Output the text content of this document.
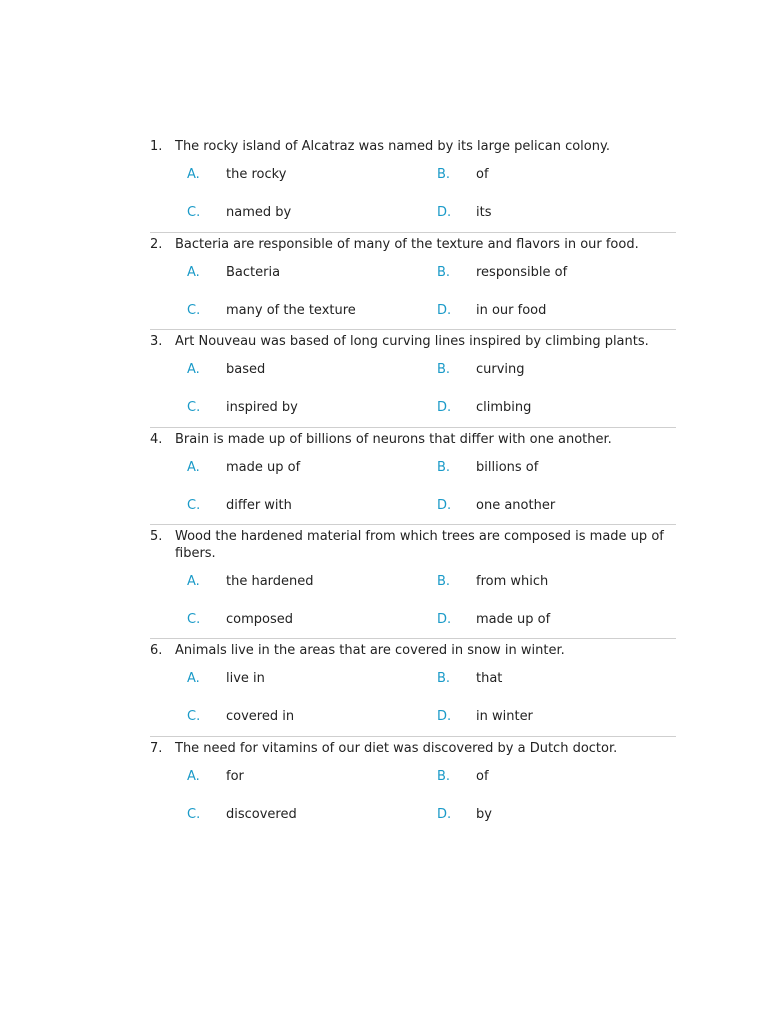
1. The rocky island of Alcatraz was named by its large pelican colony.
A.	the rocky	B.	of
C.	named by	D.	its
2. Bacteria are responsible of many of the texture and flavors in our food.
A.	Bacteria	B.	responsible of
C.	many of the texture	D.	in our food
3. Art Nouveau was based of long curving lines inspired by climbing plants.
A.	based	B.	curving
C.	inspired by	D.	climbing
4. Brain is made up of billions of neurons that differ with one another.
A.	made up of	B.	billions of
C.	differ with	D.	one another
5. Wood the hardened material from which trees are composed is made up of fibers.
A.	the hardened	B.	from which
C.	composed	D.	made up of
6. Animals live in the areas that are covered in snow in winter.
A.	live in	B.	that
C.	covered in	D.	in winter
7. The need for vitamins of our diet was discovered by a Dutch doctor.
A.	for	B.	of
C.	discovered	D.	by
